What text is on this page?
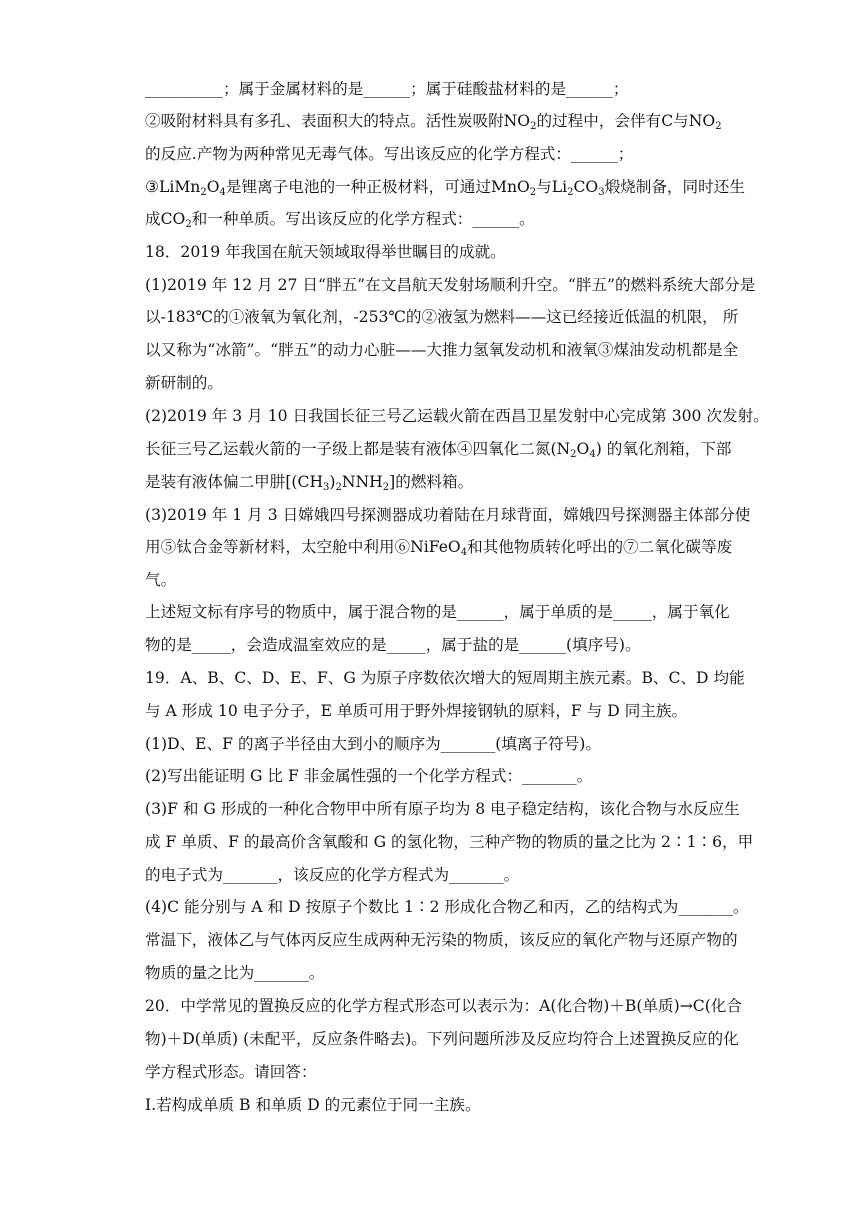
__________；属于金属材料的是______；属于硅酸盐材料的是______；
②吸附材料具有多孔、表面积大的特点。活性炭吸附$NO_2$的过程中，会伴有C与$NO_2$
的反应.产物为两种常见无毒气体。写出该反应的化学方程式：______；
$③LiMn_2O_4$是锂离子电池的一种正极材料，可通过MnO$_2$与$Li_2CO_3$煅烧制备，同时还生
成$CO_2$和一种单质。写出该反应的化学方程式：______。
18．2019 年我国在航天领域取得举世瞩目的成就。
(1)2019 年 12 月 27 日“胖五”在文昌航天发射场顺利升空。“胖五”的燃料系统大部分是
以-183℃的①液氧为氧化剂，-253℃的②液氢为燃料——这已经接近低温的机限， 所
以又称为“冰箭”。“胖五”的动力心脏——大推力氢氧发动机和液氧③煤油发动机都是全
新研制的。
(2)2019 年 3 月 10 日我国长征三号乙运载火箭在西昌卫星发射中心完成第 300 次发射。
长征三号乙运载火箭的一子级上都是装有液体④四氧化二氮$(N_2O_4)$ 的氧化剂箱，下部
是装有液体偏二甲肼$[(CH_3)_2NNH_2]$的燃料箱。
(3)2019 年 1 月 3 日嫦娥四号探测器成功着陆在月球背面，嫦娥四号探测器主体部分使
用⑤钛合金等新材料，太空舱中利用⑥NiFeO$_4$和其他物质转化呼出的⑦二氧化碳等废
气。
上述短文标有序号的物质中，属于混合物的是______，属于单质的是_____，属于氧化
物的是_____，会造成温室效应的是_____，属于盐的是______(填序号)。
19．A、B、C、D、E、F、G 为原子序数依次增大的短周期主族元素。B、C、D 均能
与 A 形成 10 电子分子，E 单质可用于野外焊接钢轨的原料，F 与 D 同主族。
(1)D、E、F 的离子半径由大到小的顺序为_______(填离子符号)。
(2)写出能证明 G 比 F 非金属性强的一个化学方程式：_______。
(3)F 和 G 形成的一种化合物甲中所有原子均为 8 电子稳定结构，该化合物与水反应生
成 F 单质、F 的最高价含氧酸和 G 的氢化物，三种产物的物质的量之比为 2∶1∶6，甲
的电子式为_______，该反应的化学方程式为_______。
(4)C 能分别与 A 和 D 按原子个数比 1∶2 形成化合物乙和丙，乙的结构式为_______。
常温下，液体乙与气体丙反应生成两种无污染的物质，该反应的氧化产物与还原产物的
物质的量之比为_______。
20．中学常见的置换反应的化学方程式形态可以表示为：A(化合物)＋B(单质)→C(化合
物)＋D(单质) (未配平，反应条件略去)。下列问题所涉及反应均符合上述置换反应的化
学方程式形态。请回答：
I.若构成单质 B 和单质 D 的元素位于同一主族。
